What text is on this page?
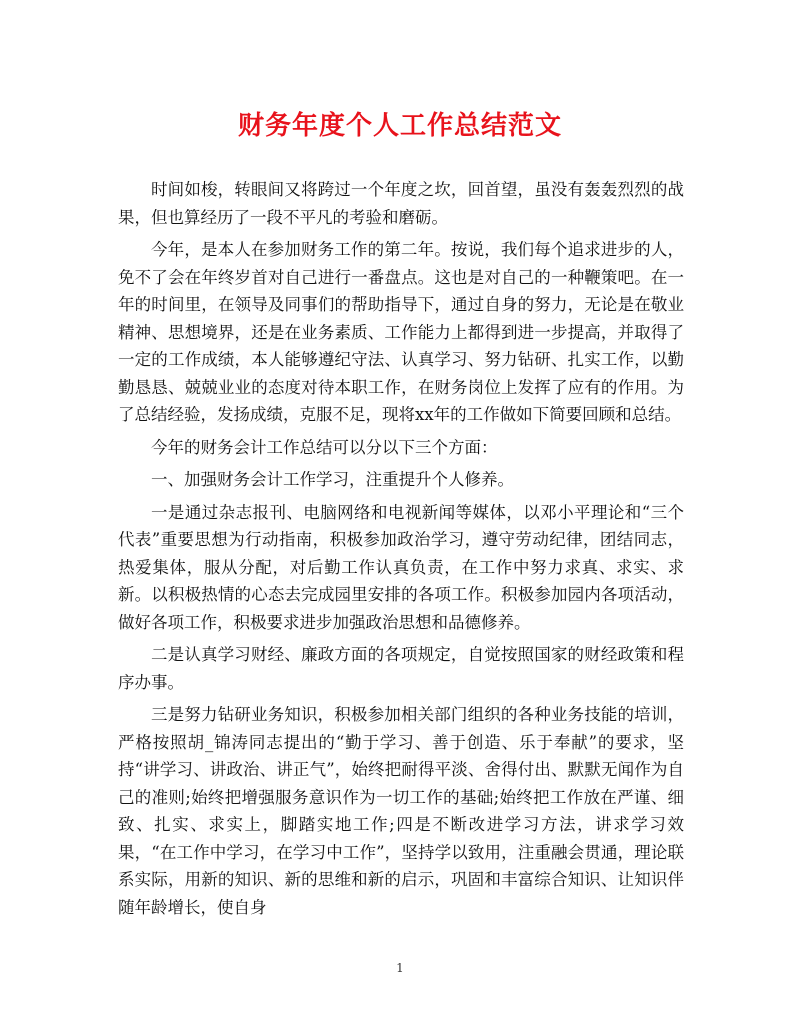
财务年度个人工作总结范文

时间如梭，转眼间又将跨过一个年度之坎，回首望，虽没有轰轰烈烈的战果，但也算经历了一段不平凡的考验和磨砺。

今年，是本人在参加财务工作的第二年。按说，我们每个追求进步的人，免不了会在年终岁首对自己进行一番盘点。这也是对自己的一种鞭策吧。在一年的时间里，在领导及同事们的帮助指导下，通过自身的努力，无论是在敬业精神、思想境界，还是在业务素质、工作能力上都得到进一步提高，并取得了一定的工作成绩，本人能够遵纪守法、认真学习、努力钻研、扎实工作，以勤勤恳恳、兢兢业业的态度对待本职工作，在财务岗位上发挥了应有的作用。为了总结经验，发扬成绩，克服不足，现将xx年的工作做如下简要回顾和总结。

今年的财务会计工作总结可以分以下三个方面：

一、加强财务会计工作学习，注重提升个人修养。

一是通过杂志报刊、电脑网络和电视新闻等媒体，以邓小平理论和“三个代表”重要思想为行动指南，积极参加政治学习，遵守劳动纪律，团结同志，热爱集体，服从分配，对后勤工作认真负责，在工作中努力求真、求实、求新。以积极热情的心态去完成园里安排的各项工作。积极参加园内各项活动，做好各项工作，积极要求进步加强政治思想和品德修养。

二是认真学习财经、廉政方面的各项规定，自觉按照国家的财经政策和程序办事。

三是努力钻研业务知识，积极参加相关部门组织的各种业务技能的培训，严格按照胡_锦涛同志提出的“勤于学习、善于创造、乐于奉献”的要求，坚持“讲学习、讲政治、讲正气”，始终把耐得平淡、舍得付出、默默无闻作为自己的准则;始终把增强服务意识作为一切工作的基础;始终把工作放在严谨、细致、扎实、求实上，脚踏实地工作;四是不断改进学习方法，讲求学习效果，“在工作中学习，在学习中工作”，坚持学以致用，注重融会贯通，理论联系实际，用新的知识、新的思维和新的启示，巩固和丰富综合知识、让知识伴随年龄增长，使自身

1
